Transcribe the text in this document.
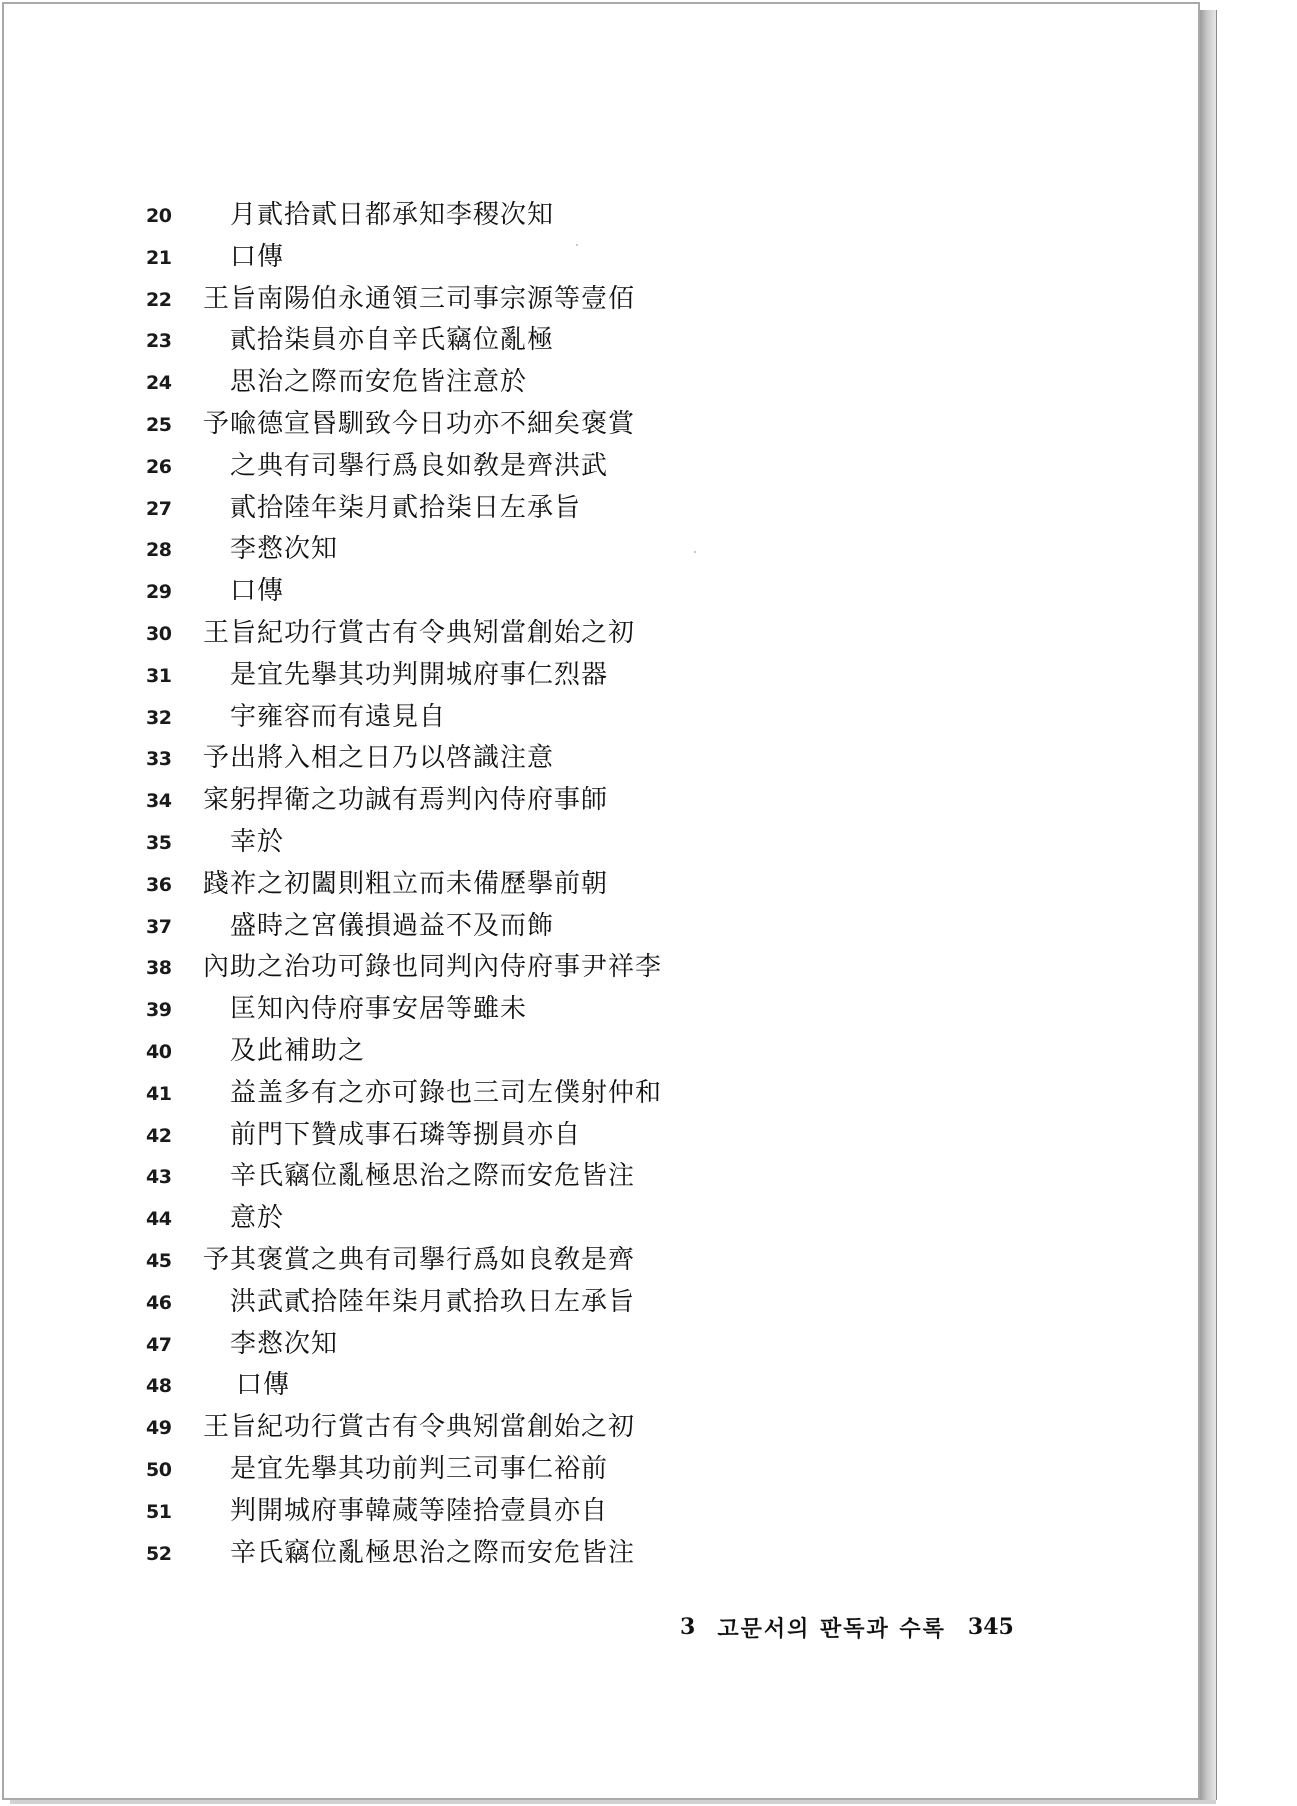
20	月貳拾貳日都承知李稷次知
21	口傳
22	王旨南陽伯永通領三司事宗源等壹佰
23	貳拾柒員亦自辛氏竊位亂極
24	思治之際而安危皆注意於
25	予喩德宣昬馴致今日功亦不細矣褒賞
26	之典有司擧行爲良如敎是齊洪武
27	貳拾陸年柒月貳拾柒日左承旨
28	李慦次知
29	口傳
30	王旨紀功行賞古有令典矧當創始之初
31	是宜先擧其功判開城府事仁烈器
32	宇雍容而有遠見自
33	予出將入相之日乃以啓識注意
34	寀躬捍衛之功誠有焉判內侍府事師
35	幸於
36	踐祚之初闔則粗立而未備歷擧前朝
37	盛時之宮儀損過益不及而飾
38	內助之治功可錄也同判內侍府事尹祥李
39	匡知內侍府事安居等雖未
40	及此補助之
41	益盖多有之亦可錄也三司左僕射仲和
42	前門下贊成事石璘等捌員亦自
43	辛氏竊位亂極思治之際而安危皆注
44	意於
45	予其褒賞之典有司擧行爲如良敎是齊
46	洪武貳拾陸年柒月貳拾玖日左承旨
47	李慦次知
48	口傳
49	王旨紀功行賞古有令典矧當創始之初
50	是宜先擧其功前判三司事仁裕前
51	判開城府事韓蒇等陸拾壹員亦自
52	辛氏竊位亂極思治之際而安危皆注
3 고문서의 판독과 수록 345
